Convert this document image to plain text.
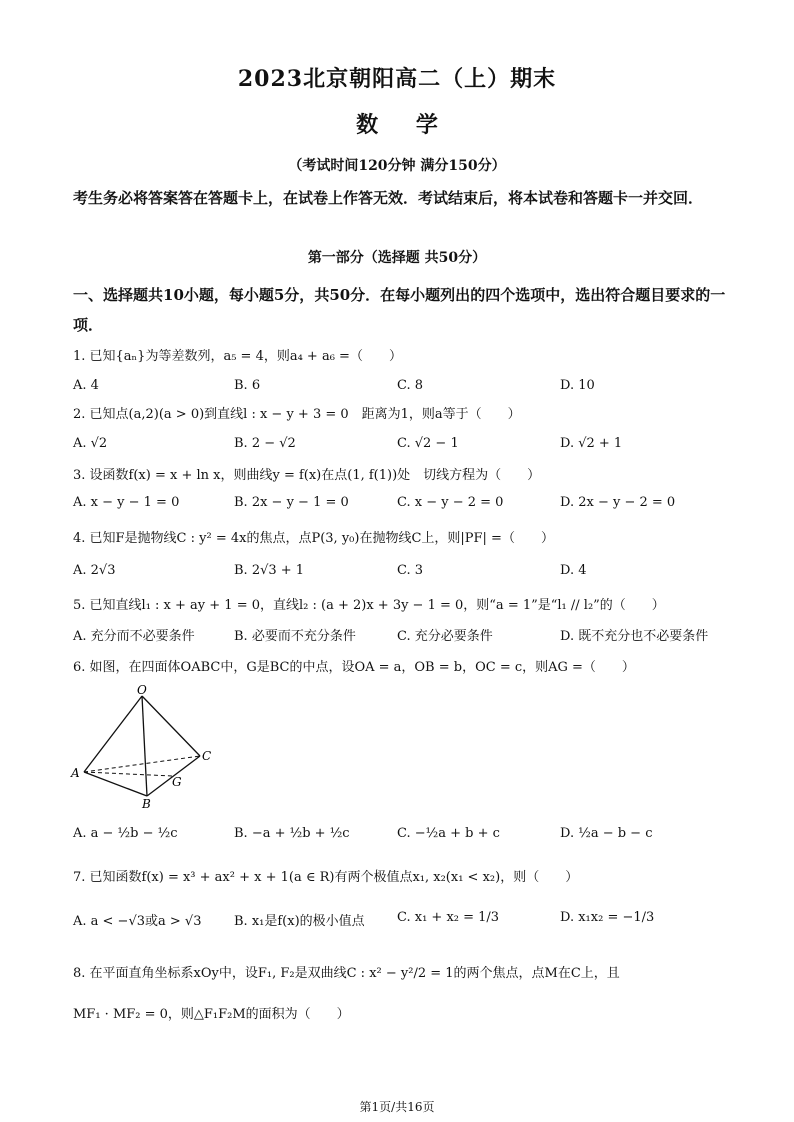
2023北京朝阳高二（上）期末
数 学
（考试时间120分钟 满分150分）
考生务必将答案答在答题卡上，在试卷上作答无效．考试结束后，将本试卷和答题卡一并交回．
第一部分（选择题 共50分）
一、选择题共10小题，每小题5分，共50分．在每小题列出的四个选项中，选出符合题目要求的一项．
1. 已知{aₙ}为等差数列，a₅ = 4，则a₄ + a₆ =（　　）
A. 4	B. 6	C. 8	D. 10
2. 已知点(a,2)(a > 0)到直线l : x − y + 3 = 0　距离为1，则a等于（　　）
A. √2	B. 2 − √2	C. √2 − 1	D. √2 + 1
3. 设函数f(x) = x + ln x，则曲线y = f(x)在点(1, f(1))处　切线方程为（　　）
A. x − y − 1 = 0	B. 2x − y − 1 = 0	C. x − y − 2 = 0	D. 2x − y − 2 = 0
4. 已知F是抛物线C : y² = 4x的焦点，点P(3, y₀)在抛物线C上，则|PF| =（　　）
A. 2√3	B. 2√3 + 1	C. 3	D. 4
5. 已知直线l₁ : x + ay + 1 = 0，直线l₂ : (a + 2)x + 3y − 1 = 0，则“a = 1”是“l₁ // l₂”的（　　）
A. 充分而不必要条件	B. 必要而不充分条件	C. 充分必要条件	D. 既不充分也不必要条件
6. 如图，在四面体OABC中，G是BC的中点，设OA = a，OB = b，OC = c，则AG =（　　）
O
A
B
C
G
A. a − ½b − ½c	B. −a + ½b + ½c	C. −½a + b + c	D. ½a − b − c
7. 已知函数f(x) = x³ + ax² + x + 1(a ∈ R)有两个极值点x₁, x₂(x₁ < x₂)，则（　　）
A. a < −√3或a > √3	B. x₁是f(x)的极小值点 C. x₁ + x₂ = 1/3	D. x₁x₂ = −1/3
8. 在平面直角坐标系xOy中，设F₁, F₂是双曲线C : x² − y²/2 = 1的两个焦点，点M在C上，且
MF₁ · MF₂ = 0，则△F₁F₂M的面积为（　　）
第1页/共16页
